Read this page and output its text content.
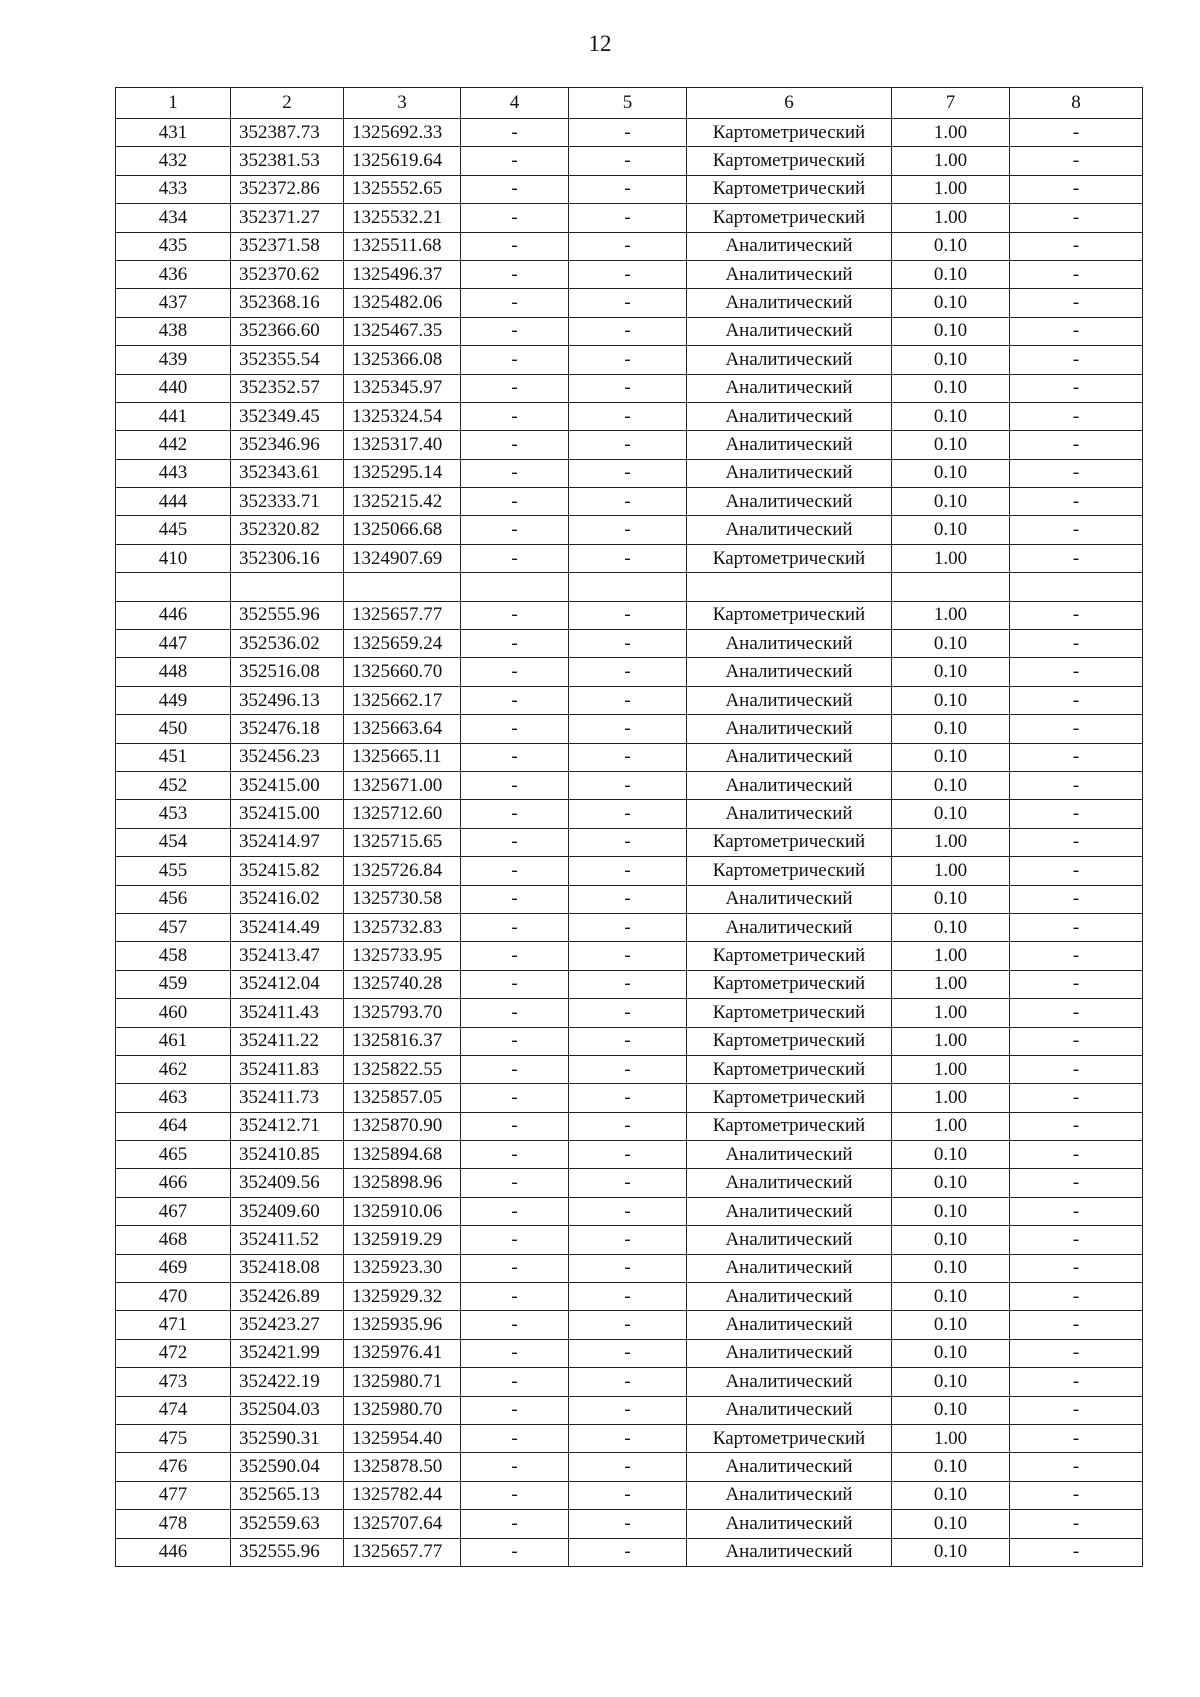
12
1	2	3	4	5	6	7	8
431	352387.73	1325692.33	-	-	Картометрический	1.00	-
432	352381.53	1325619.64	-	-	Картометрический	1.00	-
433	352372.86	1325552.65	-	-	Картометрический	1.00	-
434	352371.27	1325532.21	-	-	Картометрический	1.00	-
435	352371.58	1325511.68	-	-	Аналитический	0.10	-
436	352370.62	1325496.37	-	-	Аналитический	0.10	-
437	352368.16	1325482.06	-	-	Аналитический	0.10	-
438	352366.60	1325467.35	-	-	Аналитический	0.10	-
439	352355.54	1325366.08	-	-	Аналитический	0.10	-
440	352352.57	1325345.97	-	-	Аналитический	0.10	-
441	352349.45	1325324.54	-	-	Аналитический	0.10	-
442	352346.96	1325317.40	-	-	Аналитический	0.10	-
443	352343.61	1325295.14	-	-	Аналитический	0.10	-
444	352333.71	1325215.42	-	-	Аналитический	0.10	-
445	352320.82	1325066.68	-	-	Аналитический	0.10	-
410	352306.16	1324907.69	-	-	Картометрический	1.00	-

446	352555.96	1325657.77	-	-	Картометрический	1.00	-
447	352536.02	1325659.24	-	-	Аналитический	0.10	-
448	352516.08	1325660.70	-	-	Аналитический	0.10	-
449	352496.13	1325662.17	-	-	Аналитический	0.10	-
450	352476.18	1325663.64	-	-	Аналитический	0.10	-
451	352456.23	1325665.11	-	-	Аналитический	0.10	-
452	352415.00	1325671.00	-	-	Аналитический	0.10	-
453	352415.00	1325712.60	-	-	Аналитический	0.10	-
454	352414.97	1325715.65	-	-	Картометрический	1.00	-
455	352415.82	1325726.84	-	-	Картометрический	1.00	-
456	352416.02	1325730.58	-	-	Аналитический	0.10	-
457	352414.49	1325732.83	-	-	Аналитический	0.10	-
458	352413.47	1325733.95	-	-	Картометрический	1.00	-
459	352412.04	1325740.28	-	-	Картометрический	1.00	-
460	352411.43	1325793.70	-	-	Картометрический	1.00	-
461	352411.22	1325816.37	-	-	Картометрический	1.00	-
462	352411.83	1325822.55	-	-	Картометрический	1.00	-
463	352411.73	1325857.05	-	-	Картометрический	1.00	-
464	352412.71	1325870.90	-	-	Картометрический	1.00	-
465	352410.85	1325894.68	-	-	Аналитический	0.10	-
466	352409.56	1325898.96	-	-	Аналитический	0.10	-
467	352409.60	1325910.06	-	-	Аналитический	0.10	-
468	352411.52	1325919.29	-	-	Аналитический	0.10	-
469	352418.08	1325923.30	-	-	Аналитический	0.10	-
470	352426.89	1325929.32	-	-	Аналитический	0.10	-
471	352423.27	1325935.96	-	-	Аналитический	0.10	-
472	352421.99	1325976.41	-	-	Аналитический	0.10	-
473	352422.19	1325980.71	-	-	Аналитический	0.10	-
474	352504.03	1325980.70	-	-	Аналитический	0.10	-
475	352590.31	1325954.40	-	-	Картометрический	1.00	-
476	352590.04	1325878.50	-	-	Аналитический	0.10	-
477	352565.13	1325782.44	-	-	Аналитический	0.10	-
478	352559.63	1325707.64	-	-	Аналитический	0.10	-
446	352555.96	1325657.77	-	-	Аналитический	0.10	-
